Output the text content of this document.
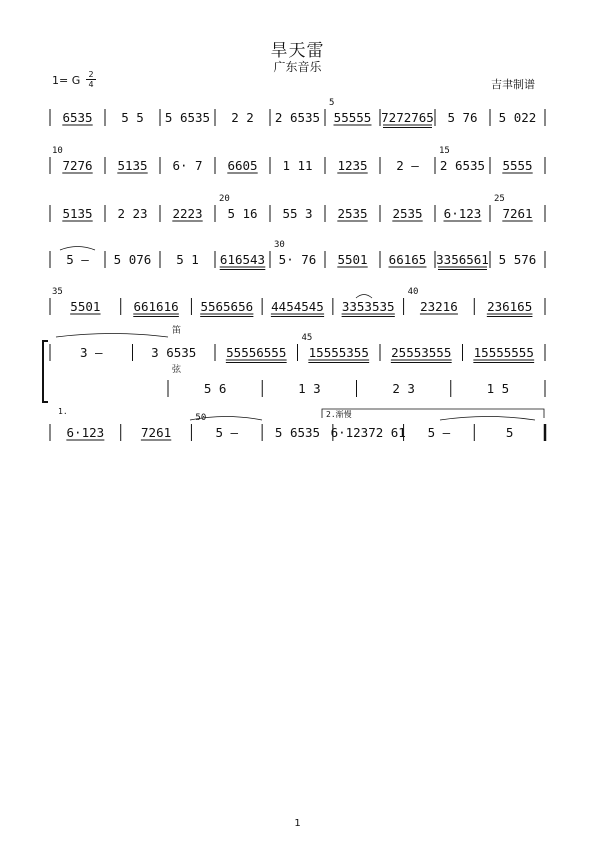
旱天雷
广东音乐
1= G	2
4	吉聿制谱
6535 5 5 5 6535 2 2 2 6535 55555 7272765 5 76 5 022
5
7276 5135 6· 7 6605 1 11 1235 2 — 2 6535 5555
15
10
5135 2 23 2223 5 16 55 3 2535 2535 6·123 7261
20	25
5 — 5 076 5 1 616543 5· 76 5501 66165 3356561 5 576
30
5501	661616 5565656 4454545 3353535 23216 236165
40
35
3 —	3 6535 55556555 15555355 25553555 15555555
45
5 6	1 3	2 3	1 5
6·123	7261	5 —	5 6535 6·12372 61 5 —	5
50
笛
弦
1.	2.渐慢
1
